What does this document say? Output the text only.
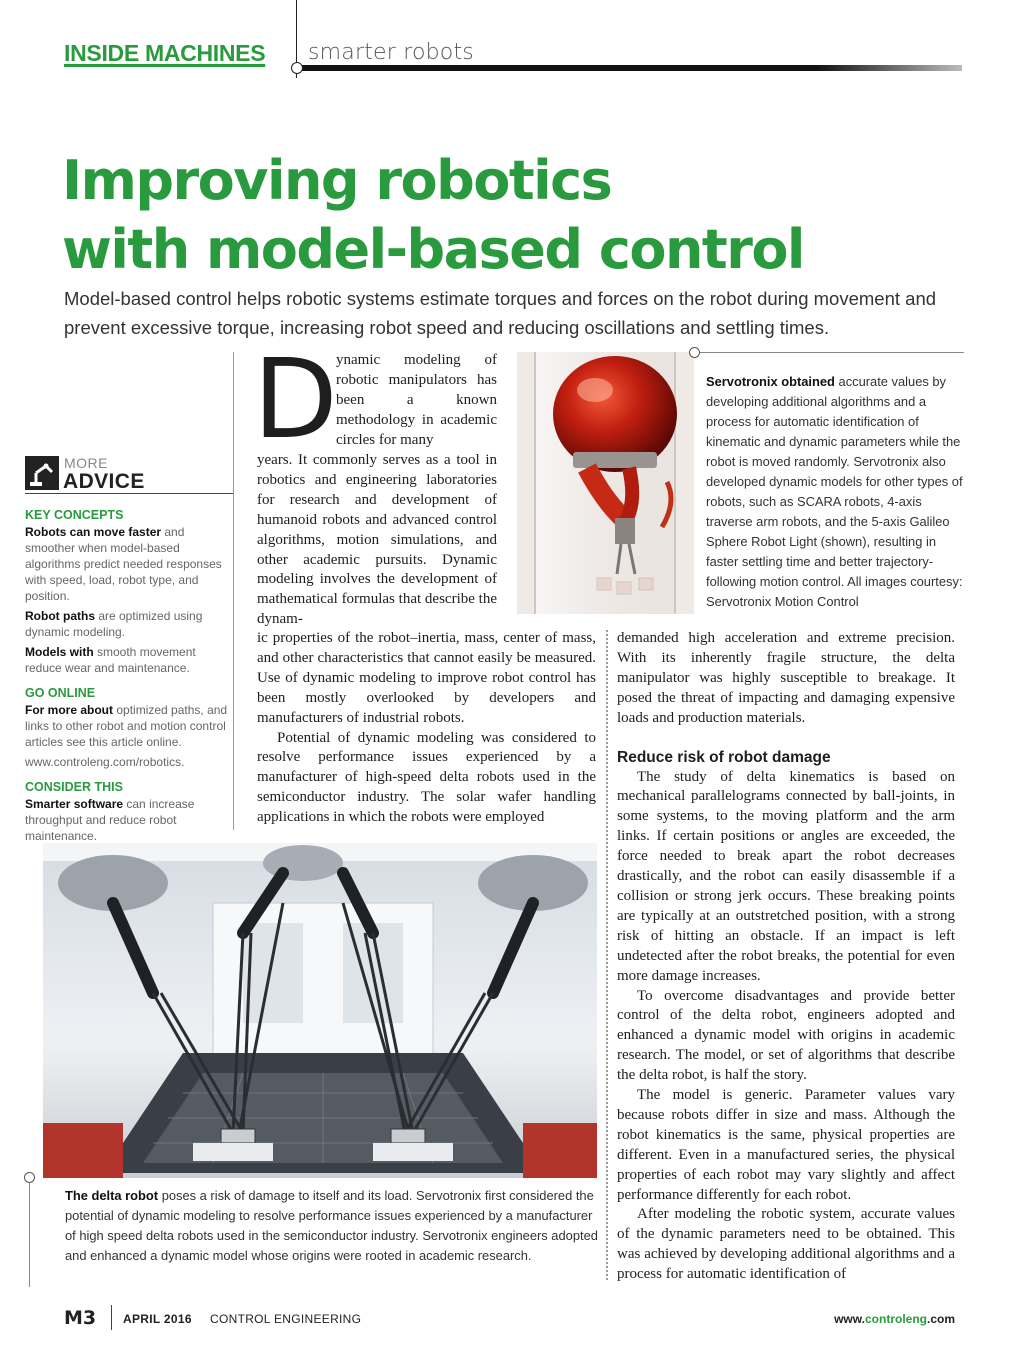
INSIDE MACHINES smarter robots
Improving robotics
with model-based control
Model-based control helps robotic systems estimate torques and forces on the robot during movement and prevent excessive torque, increasing robot speed and reducing oscillations and settling times.
MORE
ADVICE
KEY CONCEPTS

Robots can move faster and smoother when model-based algorithms predict needed responses with speed, load, robot type, and position.

Robot paths are optimized using dynamic modeling.

Models with smooth movement reduce wear and maintenance.

GO ONLINE

For more about optimized paths, and links to other robot and motion control articles see this article online.

www.controleng.com/robotics.

CONSIDER THIS

Smarter software can increase throughput and reduce robot maintenance.

D

ynamic modeling of robotic manipulators has been a known methodology in academic circles for many

years. It commonly serves as a tool in robotics and engineering laboratories for research and development of humanoid robots and advanced control algorithms, motion simulations, and other academic pursuits. Dynamic modeling involves the development of mathematical formulas that describe the dynam-

ic properties of the robot–inertia, mass, center of mass, and other characteristics that cannot easily be measured. Use of dynamic modeling to improve robot control has been mostly overlooked by developers and manufacturers of industrial robots.

Potential of dynamic modeling was considered to resolve performance issues experienced by a manufacturer of high-speed delta robots used in the semiconductor industry. The solar wafer handling applications in which the robots were employed

demanded high acceleration and extreme precision. With its inherently fragile structure, the delta manipulator was highly susceptible to breakage. It posed the threat of impacting and damaging expensive loads and production materials.

Reduce risk of robot damage

The study of delta kinematics is based on mechanical parallelograms connected by ball-joints, in some systems, to the moving platform and the arm links. If certain positions or angles are exceeded, the force needed to break apart the robot decreases drastically, and the robot can easily disassemble if a collision or strong jerk occurs. These breaking points are typically at an outstretched position, with a strong risk of hitting an obstacle. If an impact is left undetected after the robot breaks, the potential for even more damage increases.

To overcome disadvantages and provide better control of the delta robot, engineers adopted and enhanced a dynamic model with origins in academic research. The model, or set of algorithms that describe the delta robot, is half the story.

The model is generic. Parameter values vary because robots differ in size and mass. Although the robot kinematics is the same, physical properties are different. Even in a manufactured series, the physical properties of each robot may vary slightly and affect performance differently for each robot.

After modeling the robotic system, accurate values of the dynamic parameters need to be obtained. This was achieved by developing additional algorithms and a process for automatic identification of

Servotronix obtained accurate values by developing additional algorithms and a process for automatic identification of kinematic and dynamic parameters while the robot is moved randomly. Servotronix also developed dynamic models for other types of robots, such as SCARA robots, 4-axis traverse arm robots, and the 5-axis Galileo Sphere Robot Light (shown), resulting in faster settling time and better trajectory-following motion control. All images courtesy: Servotronix Motion Control
The delta robot poses a risk of damage to itself and its load. Servotronix first considered the potential of dynamic modeling to resolve performance issues experienced by a manufacturer of high speed delta robots used in the semiconductor industry. Servotronix engineers adopted and enhanced a dynamic model whose origins were rooted in academic research.
M3 APRIL 2016 CONTROL ENGINEERING	www.controleng.com
